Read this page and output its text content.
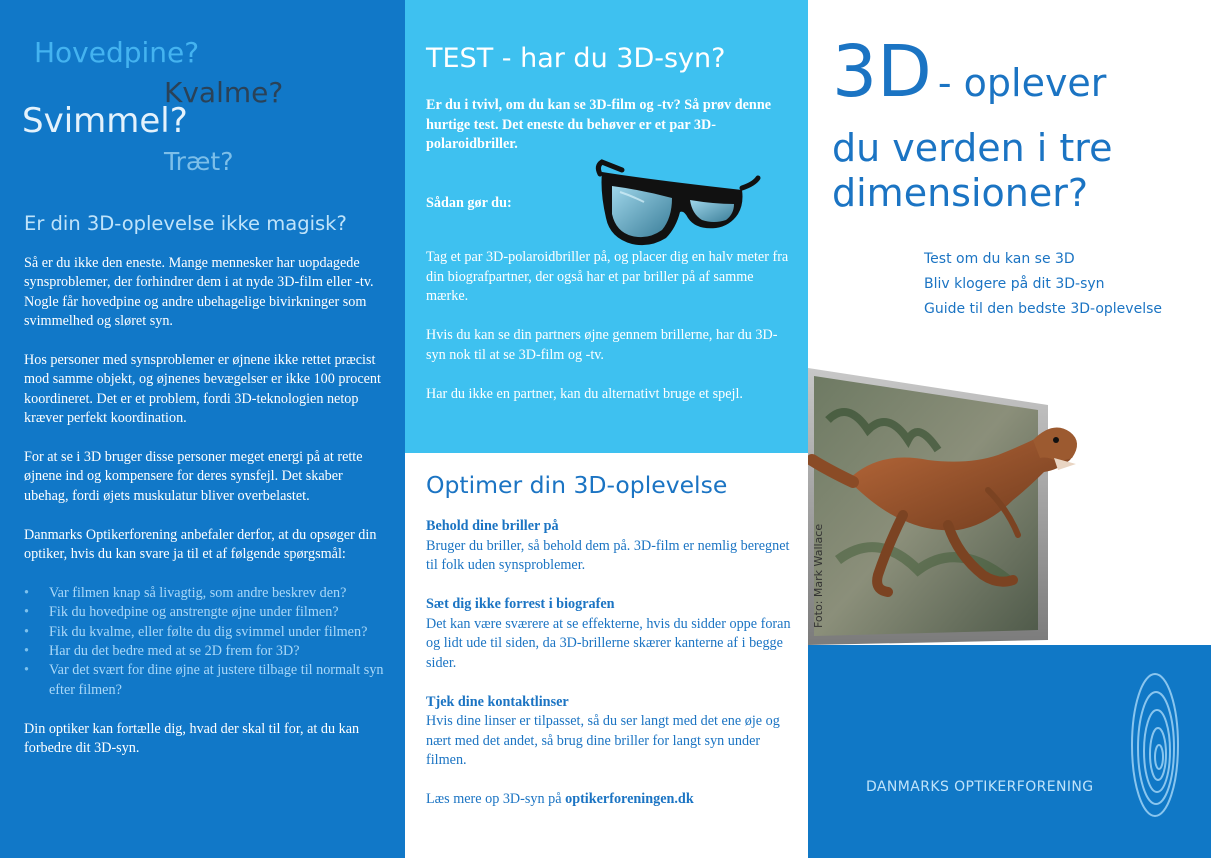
Hovedpine?
Kvalme?
Svimmel?
Træt?
Er din 3D-oplevelse ikke magisk?

Så er du ikke den eneste. Mange mennesker har uopdagede synsproblemer, der forhindrer dem i at nyde 3D-film eller -tv. Nogle får hovedpine og andre ubehagelige bivirkninger som svimmelhed og sløret syn.

Hos personer med synsproblemer er øjnene ikke rettet præcist mod samme objekt, og øjnenes bevægelser er ikke 100 procent koordineret. Det er et problem, fordi 3D-teknologien netop kræver perfekt koordination.

For at se i 3D bruger disse personer meget energi på at rette øjnene ind og kompensere for deres synsfejl. Det skaber ubehag, fordi øjets muskulatur bliver overbelastet.

Danmarks Optikerforening anbefaler derfor, at du opsøger din optiker, hvis du kan svare ja til et af følgende spørgsmål:

• Var filmen knap så livagtig, som andre beskrev den?
• Fik du hovedpine og anstrengte øjne under filmen?
• Fik du kvalme, eller følte du dig svimmel under filmen?
• Har du det bedre med at se 2D frem for 3D?
• Var det svært for dine øjne at justere tilbage til normalt syn efter filmen?

Din optiker kan fortælle dig, hvad der skal til for, at du kan forbedre dit 3D-syn.

TEST - har du 3D-syn?
Er du i tvivl, om du kan se 3D-film og -tv? Så prøv denne hurtige test. Det eneste du behøver er et par 3D-polaroidbriller.
Sådan gør du:

Tag et par 3D-polaroidbriller på, og placer dig en halv meter fra din biografpartner, der også har et par briller på af samme mærke.

Hvis du kan se din partners øjne gennem brillerne, har du 3D-syn nok til at se 3D-film og -tv.

Har du ikke en partner, kan du alternativt bruge et spejl.

Optimer din 3D-oplevelse
Behold dine briller på
Bruger du briller, så behold dem på. 3D-film er nemlig beregnet til folk uden synsproblemer.
Sæt dig ikke forrest i biografen
Det kan være sværere at se effekterne, hvis du sidder oppe foran og lidt ude til siden, da 3D-brillerne skærer kanterne af i begge sider.
Tjek dine kontaktlinser
Hvis dine linser er tilpasset, så du ser langt med det ene øje og nært med det andet, så brug dine briller for langt syn under filmen.
Læs mere op 3D-syn på optikerforeningen.dk
3D - oplever
du verden i tre
dimensioner?
Test om du kan se 3D
Bliv klogere på dit 3D-syn
Guide til den bedste 3D-oplevelse
Foto: Mark Wallace
DANMARKS OPTIKERFORENING
